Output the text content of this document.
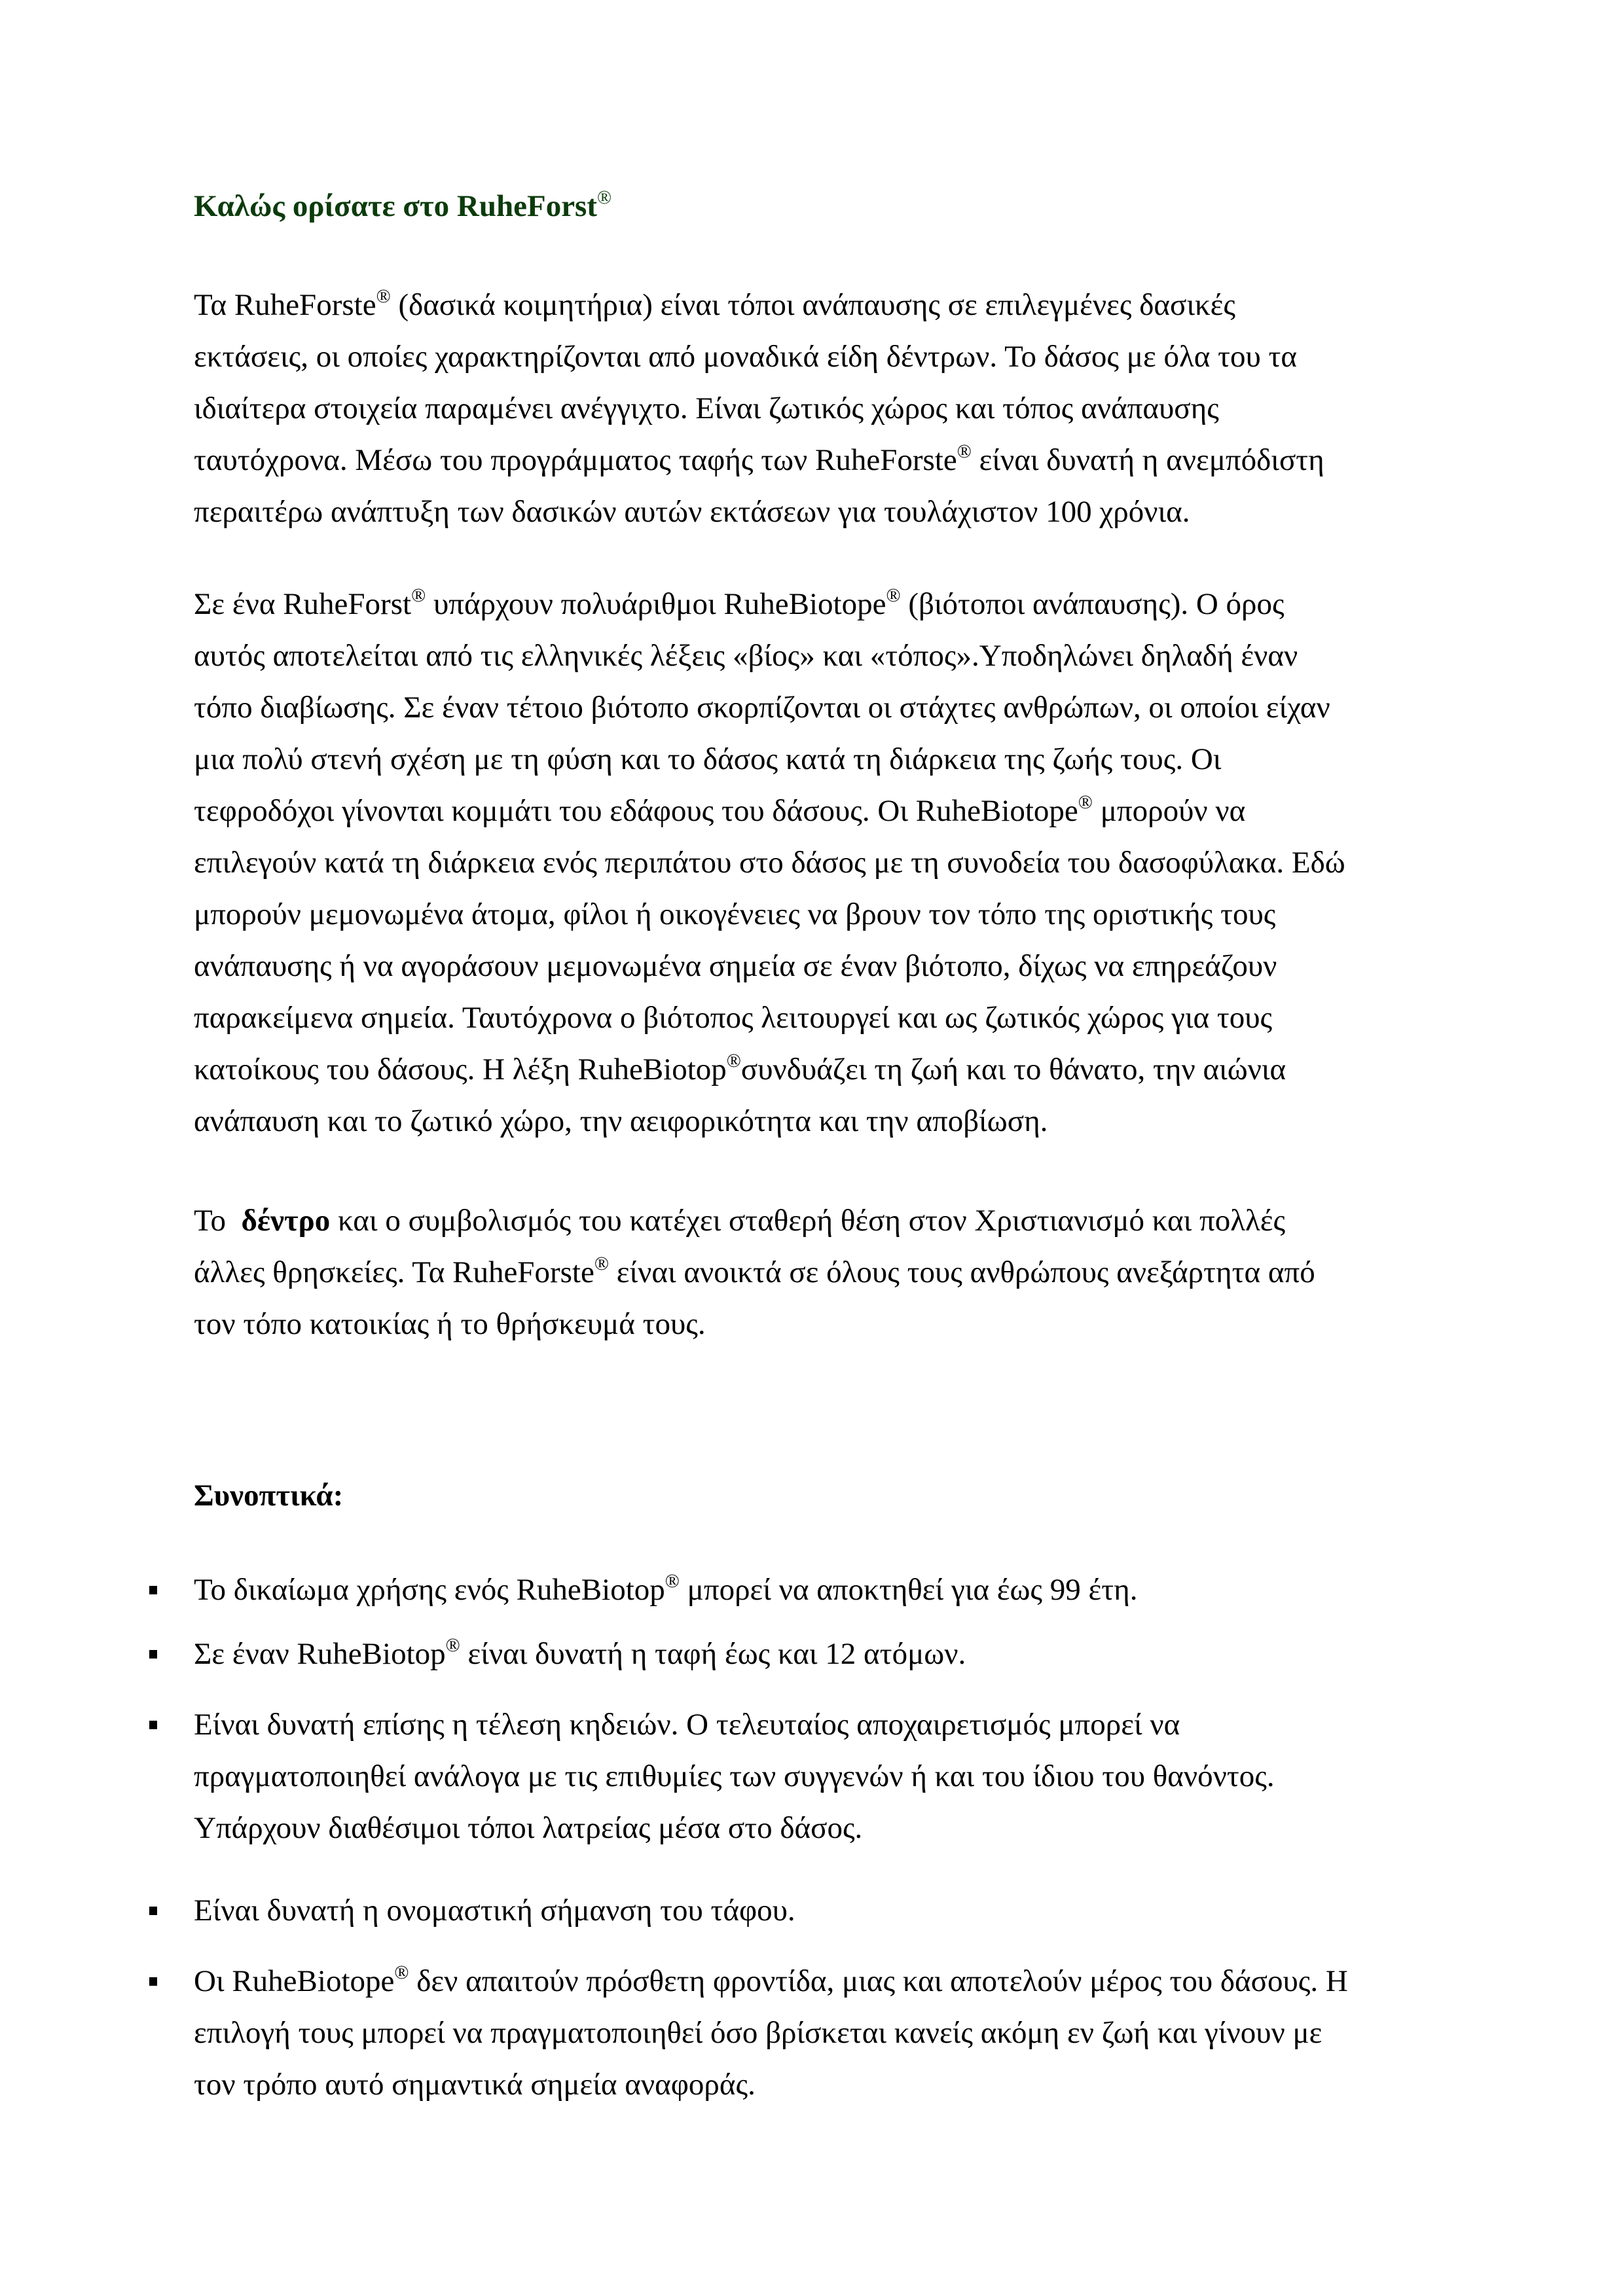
Καλώς ορίσατε στο RuheForst®
Τα RuheForste® (δασικά κοιμητήρια) είναι τόποι ανάπαυσης σε επιλεγμένες δασικές
εκτάσεις, οι οποίες χαρακτηρίζονται από μοναδικά είδη δέντρων. Το δάσος με όλα του τα
ιδιαίτερα στοιχεία παραμένει ανέγγιχτο. Είναι ζωτικός χώρος και τόπος ανάπαυσης
ταυτόχρονα. Μέσω του προγράμματος ταφής των RuheForste® είναι δυνατή η ανεμπόδιστη
περαιτέρω ανάπτυξη των δασικών αυτών εκτάσεων για τουλάχιστον 100 χρόνια.
Σε ένα RuheForst® υπάρχουν πολυάριθμοι RuheBiotope® (βιότοποι ανάπαυσης). Ο όρος
αυτός αποτελείται από τις ελληνικές λέξεις «βίος» και «τόπος».Υποδηλώνει δηλαδή έναν
τόπο διαβίωσης. Σε έναν τέτοιο βιότοπο σκορπίζονται οι στάχτες ανθρώπων, οι οποίοι είχαν
μια πολύ στενή σχέση με τη φύση και το δάσος κατά τη διάρκεια της ζωής τους. Οι
τεφροδόχοι γίνονται κομμάτι του εδάφους του δάσους. Οι RuheBiotope® μπορούν να
επιλεγούν κατά τη διάρκεια ενός περιπάτου στο δάσος με τη συνοδεία του δασοφύλακα. Εδώ
μπορούν μεμονωμένα άτομα, φίλοι ή οικογένειες να βρουν τον τόπο της οριστικής τους
ανάπαυσης ή να αγοράσουν μεμονωμένα σημεία σε έναν βιότοπο, δίχως να επηρεάζουν
παρακείμενα σημεία. Ταυτόχρονα ο βιότοπος λειτουργεί και ως ζωτικός χώρος για τους
κατοίκους του δάσους. Η λέξη RuheBiotop®συνδυάζει τη ζωή και το θάνατο, την αιώνια
ανάπαυση και το ζωτικό χώρο, την αειφορικότητα και την αποβίωση.
Το  δέντρο και ο συμβολισμός του κατέχει σταθερή θέση στον Χριστιανισμό και πολλές
άλλες θρησκείες. Τα RuheForste® είναι ανοικτά σε όλους τους ανθρώπους ανεξάρτητα από
τον τόπο κατοικίας ή το θρήσκευμά τους.
Συνοπτικά:
Το δικαίωμα χρήσης ενός RuheBiotop® μπορεί να αποκτηθεί για έως 99 έτη.
Σε έναν RuheBiotop® είναι δυνατή η ταφή έως και 12 ατόμων.
Είναι δυνατή επίσης η τέλεση κηδειών. Ο τελευταίος αποχαιρετισμός μπορεί να
πραγματοποιηθεί ανάλογα με τις επιθυμίες των συγγενών ή και του ίδιου του θανόντος.
Υπάρχουν διαθέσιμοι τόποι λατρείας μέσα στο δάσος.
Είναι δυνατή η ονομαστική σήμανση του τάφου.
Οι RuheBiotope® δεν απαιτούν πρόσθετη φροντίδα, μιας και αποτελούν μέρος του δάσους. Η
επιλογή τους μπορεί να πραγματοποιηθεί όσο βρίσκεται κανείς ακόμη εν ζωή και γίνουν με
τον τρόπο αυτό σημαντικά σημεία αναφοράς.
